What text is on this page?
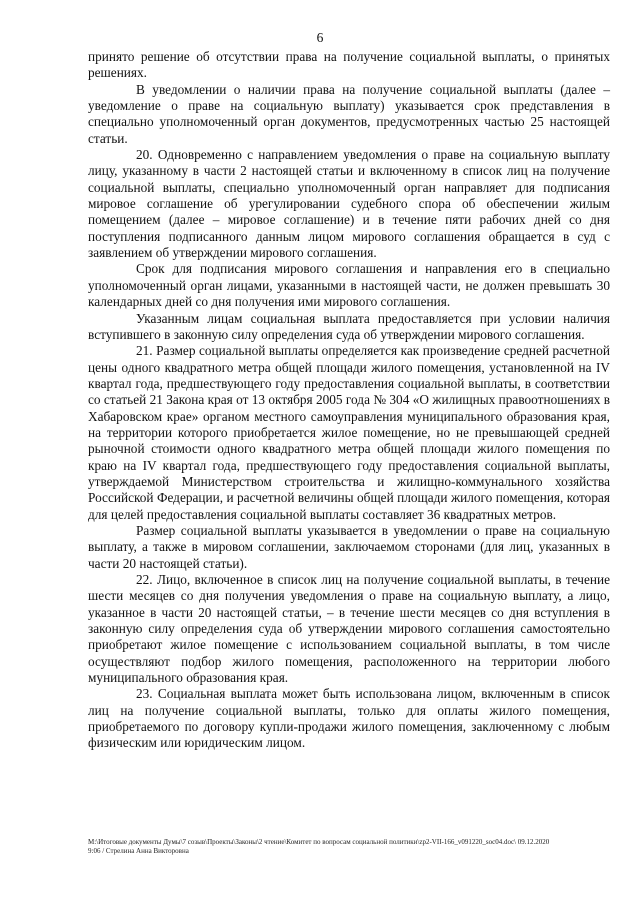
6

принято решение об отсутствии права на получение социальной выплаты, о принятых решениях.

В уведомлении о наличии права на получение социальной выплаты (далее – уведомление о праве на социальную выплату) указывается срок представления в специально уполномоченный орган документов, предусмотренных частью 25 настоящей статьи.

20. Одновременно с направлением уведомления о праве на социальную выплату лицу, указанному в части 2 настоящей статьи и включенному в список лиц на получение социальной выплаты, специально уполномоченный орган направляет для подписания мировое соглашение об урегулировании судебного спора об обеспечении жилым помещением (далее – мировое соглашение) и в течение пяти рабочих дней со дня поступления подписанного данным лицом мирового соглашения обращается в суд с заявлением об утверждении мирового соглашения.

Срок для подписания мирового соглашения и направления его в специально уполномоченный орган лицами, указанными в настоящей части, не должен превышать 30 календарных дней со дня получения ими мирового соглашения.

Указанным лицам социальная выплата предоставляется при условии наличия вступившего в законную силу определения суда об утверждении мирового соглашения.

21. Размер социальной выплаты определяется как произведение средней расчетной цены одного квадратного метра общей площади жилого помещения, установленной на IV квартал года, предшествующего году предоставления социальной выплаты, в соответствии со статьей 21 Закона края от 13 октября 2005 года № 304 «О жилищных правоотношениях в Хабаровском крае» органом местного самоуправления муниципального образования края, на территории которого приобретается жилое помещение, но не превышающей средней рыночной стоимости одного квадратного метра общей площади жилого помещения по краю на IV квартал года, предшествующего году предоставления социальной выплаты, утверждаемой Министерством строительства и жилищно-коммунального хозяйства Российской Федерации, и расчетной величины общей площади жилого помещения, которая для целей предоставления социальной выплаты составляет 36 квадратных метров.

Размер социальной выплаты указывается в уведомлении о праве на социальную выплату, а также в мировом соглашении, заключаемом сторонами (для лиц, указанных в части 20 настоящей статьи).

22. Лицо, включенное в список лиц на получение социальной выплаты, в течение шести месяцев со дня получения уведомления о праве на социальную выплату, а лицо, указанное в части 20 настоящей статьи, – в течение шести месяцев со дня вступления в законную силу определения суда об утверждении мирового соглашения самостоятельно приобретают жилое помещение с использованием социальной выплаты, в том числе осуществляют подбор жилого помещения, расположенного на территории любого муниципального образования края.

23. Социальная выплата может быть использована лицом, включенным в список лиц на получение социальной выплаты, только для оплаты жилого помещения, приобретаемого по договору купли-продажи жилого помещения, заключенному с любым физическим или юридическим лицом.

M:\Итоговые документы Думы\7 созыв\Проекты\Законы\2 чтение\Комитет по вопросам социальной политики\zp2-VII-166_v091220_soc04.doc\ 09.12.2020
9:06 / Стрелина Анна Викторовна
